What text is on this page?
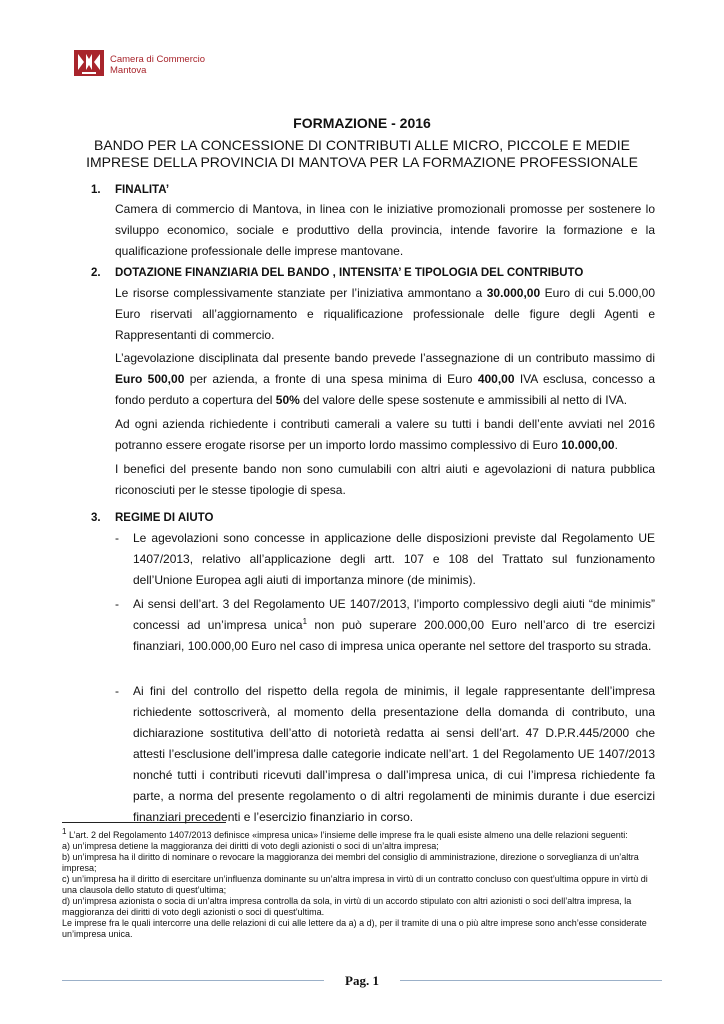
Camera di Commercio
Mantova
FORMAZIONE - 2016
BANDO PER LA CONCESSIONE DI CONTRIBUTI ALLE MICRO, PICCOLE E MEDIE
IMPRESE DELLA PROVINCIA DI MANTOVA PER LA FORMAZIONE PROFESSIONALE
1. FINALITA’
Camera di commercio di Mantova, in linea con le iniziative promozionali promosse per sostenere lo sviluppo economico, sociale e produttivo della provincia, intende favorire la formazione e la qualificazione professionale delle imprese mantovane.
2. DOTAZIONE FINANZIARIA DEL BANDO , INTENSITA’ E TIPOLOGIA DEL CONTRIBUTO
Le risorse complessivamente stanziate per l’iniziativa ammontano a 30.000,00 Euro di cui 5.000,00 Euro riservati all’aggiornamento e riqualificazione professionale delle figure degli Agenti e Rappresentanti di commercio.
L’agevolazione disciplinata dal presente bando prevede l’assegnazione di un contributo massimo di Euro 500,00 per azienda, a fronte di una spesa minima di Euro 400,00 IVA esclusa, concesso a fondo perduto a copertura del 50% del valore delle spese sostenute e ammissibili al netto di IVA.
Ad ogni azienda richiedente i contributi camerali a valere su tutti i bandi dell’ente avviati nel 2016 potranno essere erogate risorse per un importo lordo massimo complessivo di Euro 10.000,00.
I benefici del presente bando non sono cumulabili con altri aiuti e agevolazioni di natura pubblica riconosciuti per le stesse tipologie di spesa.
3. REGIME DI AIUTO
- Le agevolazioni sono concesse in applicazione delle disposizioni previste dal Regolamento UE 1407/2013, relativo all’applicazione degli artt. 107 e 108 del Trattato sul funzionamento dell’Unione Europea agli aiuti di importanza minore (de minimis).
- Ai sensi dell’art. 3 del Regolamento UE 1407/2013, l’importo complessivo degli aiuti “de minimis” concessi ad un’impresa unica$^1$ non può superare 200.000,00 Euro nell’arco di tre esercizi finanziari, 100.000,00 Euro nel caso di impresa unica operante nel settore del trasporto su strada.
- Ai fini del controllo del rispetto della regola de minimis, il legale rappresentante dell’impresa richiedente sottoscriverà, al momento della presentazione della domanda di contributo, una dichiarazione sostitutiva dell’atto di notorietà redatta ai sensi dell’art. 47 D.P.R.445/2000 che attesti l’esclusione dell’impresa dalle categorie indicate nell’art. 1 del Regolamento UE 1407/2013 nonché tutti i contributi ricevuti dall’impresa o dall’impresa unica, di cui l’impresa richiedente fa parte, a norma del presente regolamento o di altri regolamenti de minimis durante i due esercizi finanziari precedenti e l’esercizio finanziario in corso.

$^1$ L’art. 2 del Regolamento 1407/2013 definisce «impresa unica» l’insieme delle imprese fra le quali esiste almeno una delle relazioni seguenti:

a) un’impresa detiene la maggioranza dei diritti di voto degli azionisti o soci di un’altra impresa;

b) un’impresa ha il diritto di nominare o revocare la maggioranza dei membri del consiglio di amministrazione, direzione o sorveglianza di un’altra impresa;

c) un’impresa ha il diritto di esercitare un’influenza dominante su un’altra impresa in virtù di un contratto concluso con quest’ultima oppure in virtù di una clausola dello statuto di quest’ultima;

d) un’impresa azionista o socia di un’altra impresa controlla da sola, in virtù di un accordo stipulato con altri azionisti o soci dell’altra impresa, la maggioranza dei diritti di voto degli azionisti o soci di quest’ultima.

Le imprese fra le quali intercorre una delle relazioni di cui alle lettere da a) a d), per il tramite di una o più altre imprese sono anch’esse considerate un’impresa unica.

Pag. 1
